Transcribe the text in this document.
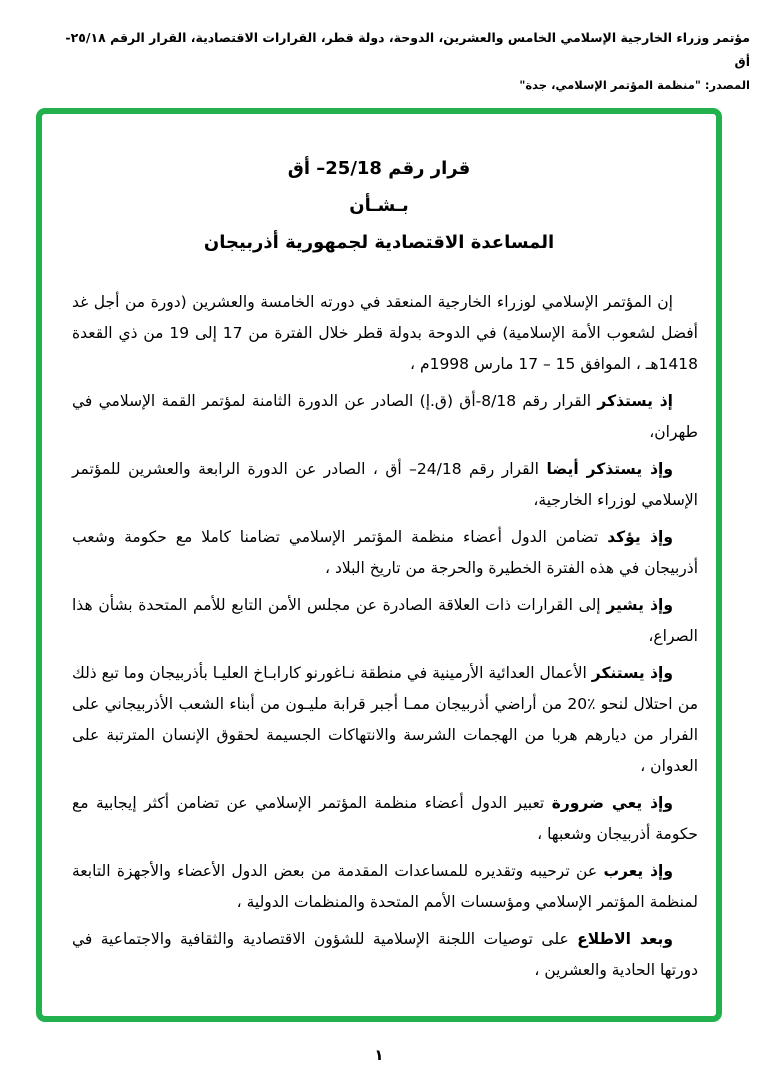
مؤتمر وزراء الخارجية الإسلامي الخامس والعشرين، الدوحة، دولة قطر، القرارات الاقتصادية، القرار الرقم ٢٥/١٨-أق
المصدر: "منظمة المؤتمر الإسلامي، جدة"
قرار رقم 25/18– أق
بـشـأن
المساعدة الاقتصادية لجمهورية أذربيجان

إن المؤتمر الإسلامي لوزراء الخارجية المنعقد في دورته الخامسة والعشرين (دورة من أجل غد أفضل لشعوب الأمة الإسلامية) في الدوحة بدولة قطر خلال الفترة من 17 إلى 19 من ذي القعدة 1418هـ ، الموافق 15 – 17 مارس 1998م ،

إذ يستذكر القرار رقم 8/18-أق (ق.إ) الصادر عن الدورة الثامنة لمؤتمر القمة الإسلامي في طهران،

وإذ يستذكر أيضا القرار رقم 24/18– أق ، الصادر عن الدورة الرابعة والعشرين للمؤتمر الإسلامي لوزراء الخارجية،

وإذ يؤكد تضامن الدول أعضاء منظمة المؤتمر الإسلامي تضامنا كاملا مع حكومة وشعب أذربيجان في هذه الفترة الخطيرة والحرجة من تاريخ البلاد ،

وإذ يشير إلى القرارات ذات العلاقة الصادرة عن مجلس الأمن التابع للأمم المتحدة بشأن هذا الصراع،

وإذ يستنكر الأعمال العدائية الأرمينية في منطقة نـاغورنو كارابـاخ العليـا بأذربيجان وما تبع ذلك من احتلال لنحو ٪20 من أراضي أذربيجان ممـا أجبر قرابة مليـون من أبناء الشعب الأذربيجاني على الفرار من ديارهم هربا من الهجمات الشرسة والانتهاكات الجسيمة لحقوق الإنسان المترتبة على العدوان ،

وإذ يعي ضرورة تعبير الدول أعضاء منظمة المؤتمر الإسلامي عن تضامن أكثر إيجابية مع حكومة أذربيجان وشعبها ،

وإذ يعرب عن ترحيبه وتقديره للمساعدات المقدمة من بعض الدول الأعضاء والأجهزة التابعة لمنظمة المؤتمر الإسلامي ومؤسسات الأمم المتحدة والمنظمات الدولية ،

وبعد الاطلاع على توصيات اللجنة الإسلامية للشؤون الاقتصادية والثقافية والاجتماعية في دورتها الحادية والعشرين ،

١
